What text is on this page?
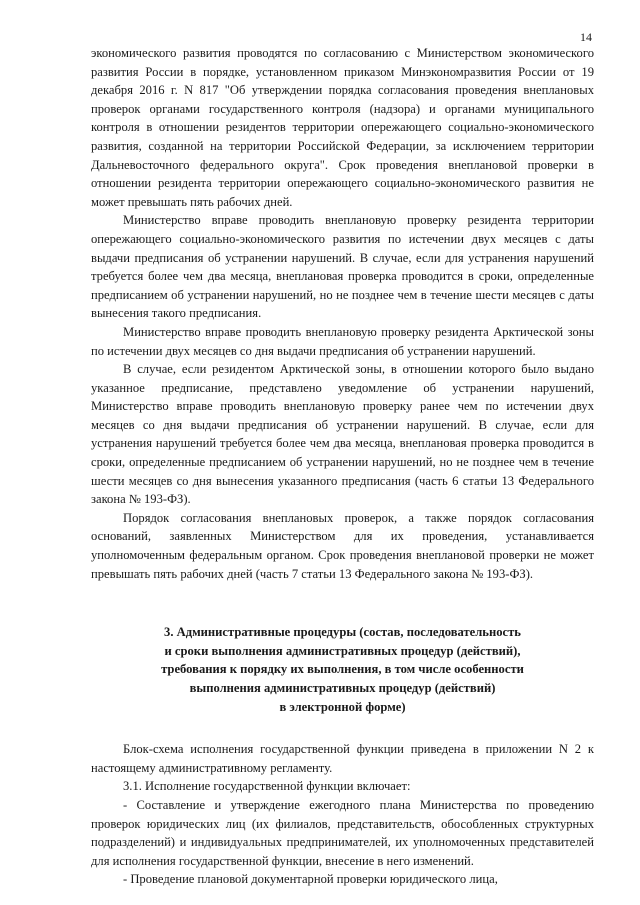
14

экономического развития проводятся по согласованию с Министерством экономического развития России в порядке, установленном приказом Минэкономразвития России от 19 декабря 2016 г. N 817 "Об утверждении порядка согласования проведения внеплановых проверок органами государственного контроля (надзора) и органами муниципального контроля в отношении резидентов территории опережающего социально-экономического развития, созданной на территории Российской Федерации, за исключением территории Дальневосточного федерального округа". Срок проведения внеплановой проверки в отношении резидента территории опережающего социально-экономического развития не может превышать пять рабочих дней.

Министерство вправе проводить внеплановую проверку резидента территории опережающего социально-экономического развития по истечении двух месяцев с даты выдачи предписания об устранении нарушений. В случае, если для устранения нарушений требуется более чем два месяца, внеплановая проверка проводится в сроки, определенные предписанием об устранении нарушений, но не позднее чем в течение шести месяцев с даты вынесения такого предписания.

Министерство вправе проводить внеплановую проверку резидента Арктической зоны по истечении двух месяцев со дня выдачи предписания об устранении нарушений.

В случае, если резидентом Арктической зоны, в отношении которого было выдано указанное предписание, представлено уведомление об устранении нарушений, Министерство вправе проводить внеплановую проверку ранее чем по истечении двух месяцев со дня выдачи предписания об устранении нарушений. В случае, если для устранения нарушений требуется более чем два месяца, внеплановая проверка проводится в сроки, определенные предписанием об устранении нарушений, но не позднее чем в течение шести месяцев со дня вынесения указанного предписания (часть 6 статьи 13 Федерального закона № 193-ФЗ).

Порядок согласования внеплановых проверок, а также порядок согласования оснований, заявленных Министерством для их проведения, устанавливается уполномоченным федеральным органом. Срок проведения внеплановой проверки не может превышать пять рабочих дней (часть 7 статьи 13 Федерального закона № 193-ФЗ).

3. Административные процедуры (состав, последовательность
и сроки выполнения административных процедур (действий),
требования к порядку их выполнения, в том числе особенности
выполнения административных процедур (действий)
в электронной форме)

Блок-схема исполнения государственной функции приведена в приложении N 2 к настоящему административному регламенту.

3.1. Исполнение государственной функции включает:

- Составление и утверждение ежегодного плана Министерства по проведению проверок юридических лиц (их филиалов, представительств, обособленных структурных подразделений) и индивидуальных предпринимателей, их уполномоченных представителей для исполнения государственной функции, внесение в него изменений.

- Проведение плановой документарной проверки юридического лица,
